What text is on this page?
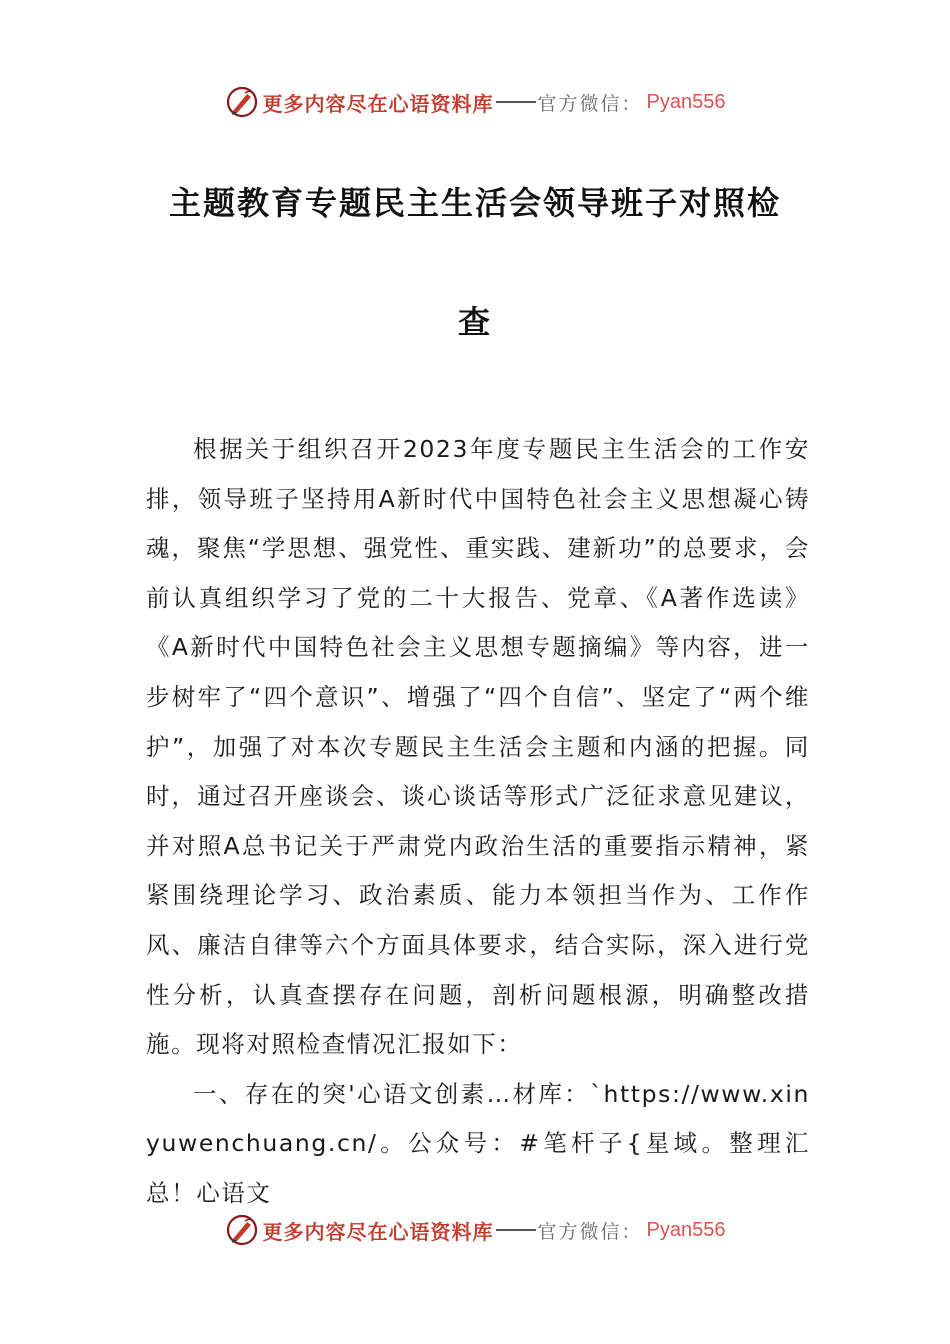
更多内容尽在心语资料库 官方微信： Pyan556
主题教育专题民主生活会领导班子对照检
查

根据关于组织召开2023年度专题民主生活会的工作安排，领导班子坚持用A新时代中国特色社会主义思想凝心铸魂，聚焦“学思想、强党性、重实践、建新功”的总要求，会前认真组织学习了党的二十大报告、党章、《A著作选读》《A新时代中国特色社会主义思想专题摘编》等内容，进一步树牢了“四个意识”、增强了“四个自信”、坚定了“两个维护”，加强了对本次专题民主生活会主题和内涵的把握。同时，通过召开座谈会、谈心谈话等形式广泛征求意见建议，并对照A总书记关于严肃党内政治生活的重要指示精神，紧紧围绕理论学习、政治素质、能力本领担当作为、工作作风、廉洁自律等六个方面具体要求，结合实际，深入进行党性分析，认真查摆存在问题，剖析问题根源，明确整改措施。现将对照检查情况汇报如下：

一、存在的突'心语文创素…材库：`https://www.xinyuwenchuang.cn/。公众号：#笔杆子{星域。整理汇总！心语文

更多内容尽在心语资料库 官方微信： Pyan556
